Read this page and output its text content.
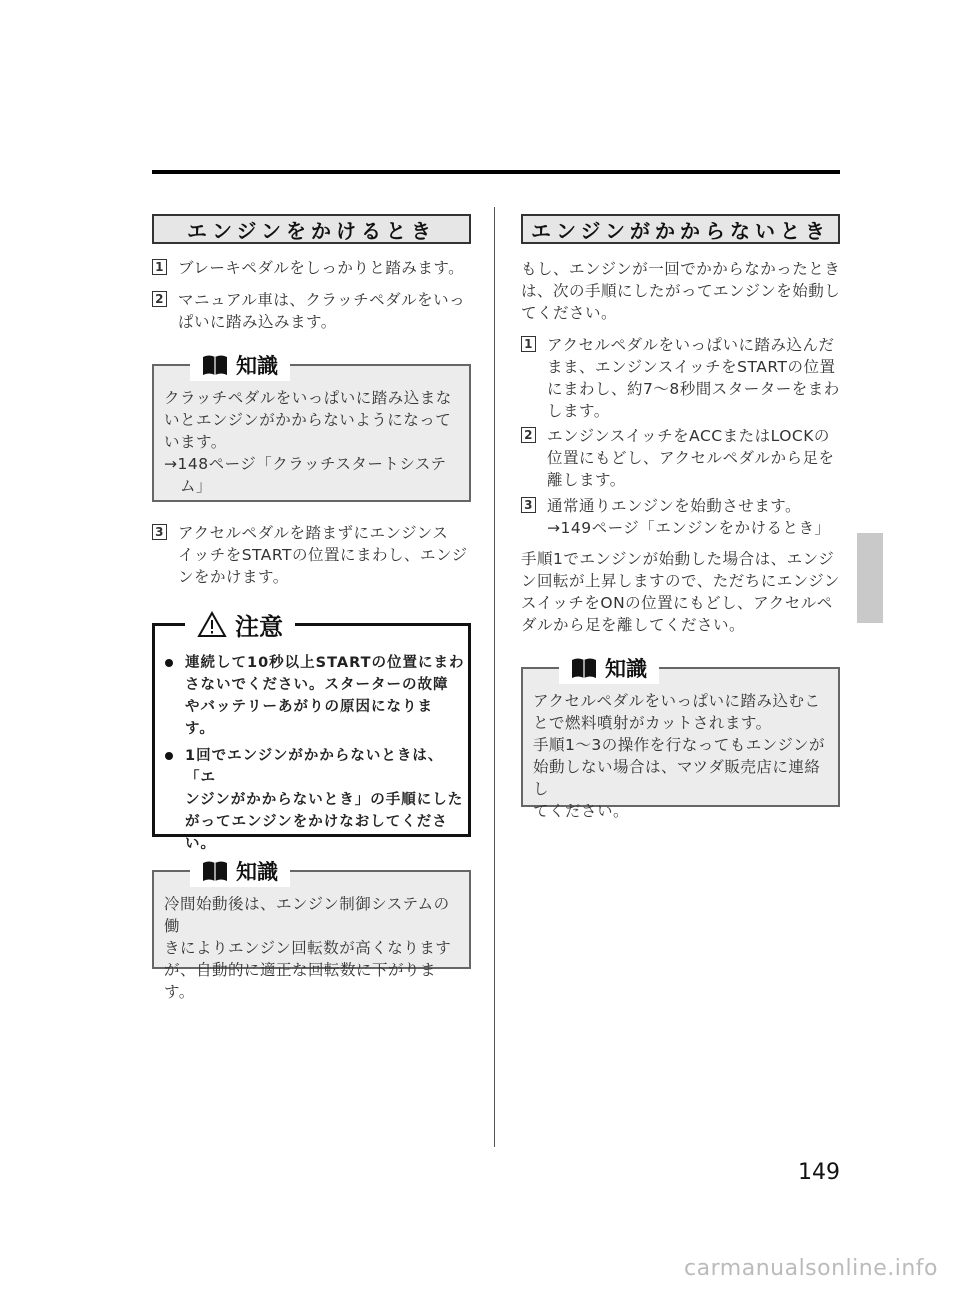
エンジンをかけるとき
1 ブレーキペダルをしっかりと踏みます。
2 マニュアル車は、クラッチペダルをいっ
ぱいに踏み込みます。
知識
クラッチペダルをいっぱいに踏み込まな
いとエンジンがかからないようになって
います。
→148ページ「クラッチスタートシステ
　ム」
3 アクセルペダルを踏まずにエンジンス
イッチをSTARTの位置にまわし、エンジ
ンをかけます。
注意
連続して10秒以上STARTの位置にまわ
さないでください。スターターの故障
やバッテリーあがりの原因になりま
す。
1回でエンジンがかからないときは、「エ
ンジンがかからないとき」の手順にした
がってエンジンをかけなおしてくださ
い。
知識
冷間始動後は、エンジン制御システムの働
きによりエンジン回転数が高くなります
が、自動的に適正な回転数に下がります。
エンジンがかからないとき
もし、エンジンが一回でかからなかったとき
は、次の手順にしたがってエンジンを始動し
てください。
1 アクセルペダルをいっぱいに踏み込んだ
まま、エンジンスイッチをSTARTの位置
にまわし、約7〜8秒間スターターをまわ
します。
2 エンジンスイッチをACCまたはLOCKの
位置にもどし、アクセルペダルから足を
離します。
3 通常通りエンジンを始動させます。
→149ページ「エンジンをかけるとき」
手順1でエンジンが始動した場合は、エンジ
ン回転が上昇しますので、ただちにエンジン
スイッチをONの位置にもどし、アクセルペ
ダルから足を離してください。
知識
アクセルペダルをいっぱいに踏み込むこ
とで燃料噴射がカットされます。
手順1〜3の操作を行なってもエンジンが
始動しない場合は、マツダ販売店に連絡し
てください。
149
carmanualsonline.info
